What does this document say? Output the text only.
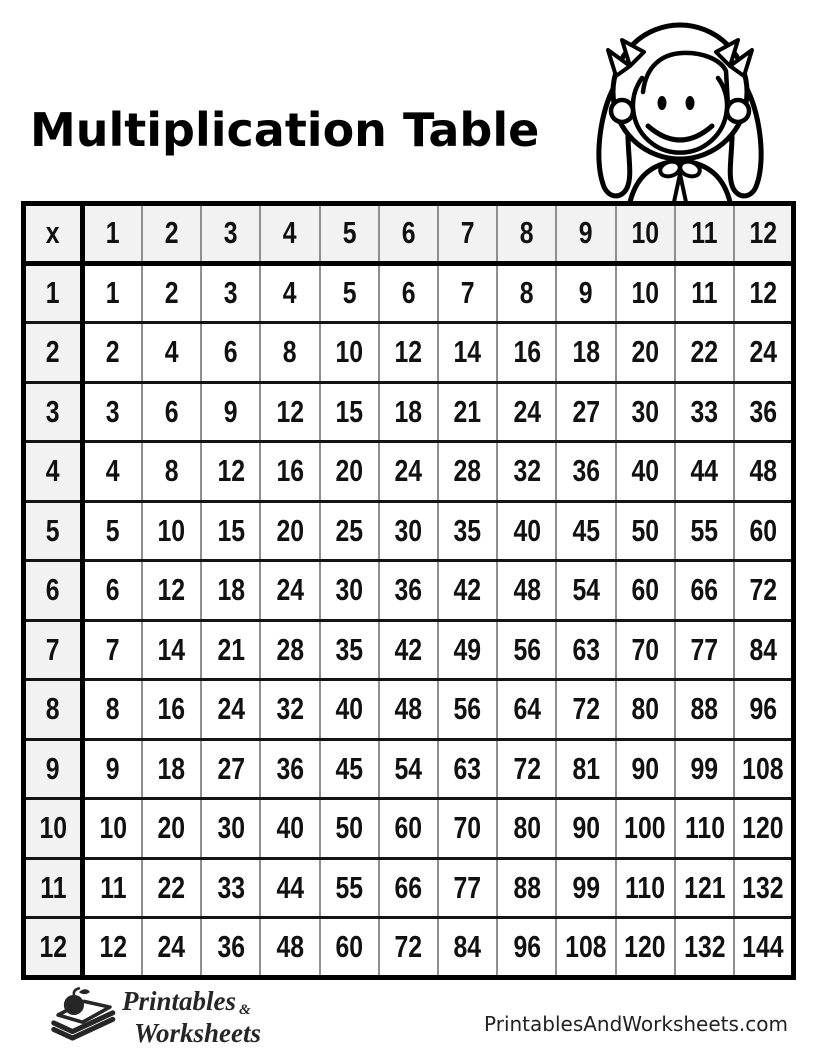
Multiplication Table
x	1	2	3	4	5	6	7	8	9	10	11	12
1	1	2	3	4	5	6	7	8	9	10	11	12
2	2	4	6	8	10	12	14	16	18	20	22	24
3	3	6	9	12	15	18	21	24	27	30	33	36
4	4	8	12	16	20	24	28	32	36	40	44	48
5	5	10	15	20	25	30	35	40	45	50	55	60
6	6	12	18	24	30	36	42	48	54	60	66	72
7	7	14	21	28	35	42	49	56	63	70	77	84
8	8	16	24	32	40	48	56	64	72	80	88	96
9	9	18	27	36	45	54	63	72	81	90	99	108
10	10	20	30	40	50	60	70	80	90	100	110	120
11	11	22	33	44	55	66	77	88	99	110	121	132
12	12	24	36	48	60	72	84	96	108	120	132	144
Printables &
Worksheets	PrintablesAndWorksheets.com
